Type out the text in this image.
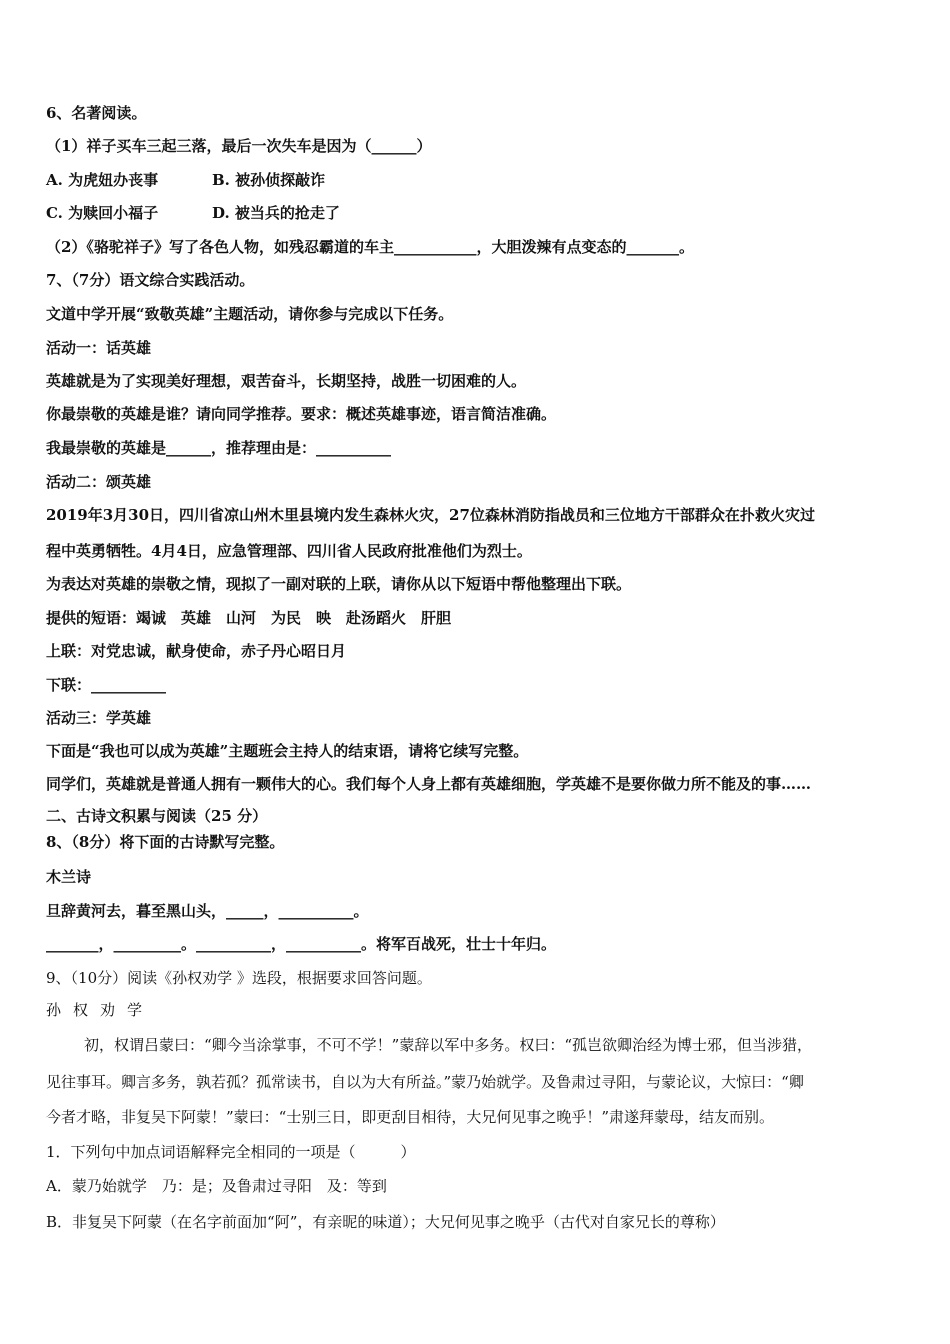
6、名著阅读。
（1）祥子买车三起三落，最后一次失车是因为（______）
A. 为虎妞办丧事	B. 被孙侦探敲诈
C. 为赎回小福子	D. 被当兵的抢走了
（2）《骆驼祥子》写了各色人物，如残忍霸道的车主___________，大胆泼辣有点变态的_______。
7、（7分）语文综合实践活动。
文道中学开展“致敬英雄”主题活动，请你参与完成以下任务。
活动一：话英雄
英雄就是为了实现美好理想，艰苦奋斗，长期坚持，战胜一切困难的人。
你最崇敬的英雄是谁？请向同学推荐。要求：概述英雄事迹，语言简洁准确。
我最崇敬的英雄是______，推荐理由是：__________
活动二：颂英雄
2019年3月30日，四川省凉山州木里县境内发生森林火灾，27位森林消防指战员和三位地方干部群众在扑救火灾过
程中英勇牺牲。4月4日，应急管理部、四川省人民政府批准他们为烈士。
为表达对英雄的崇敬之情，现拟了一副对联的上联，请你从以下短语中帮他整理出下联。
提供的短语：竭诚　英雄　山河　为民　映　赴汤蹈火　肝胆
上联：对党忠诚，献身使命，赤子丹心昭日月
下联：__________
活动三：学英雄
下面是“我也可以成为英雄”主题班会主持人的结束语，请将它续写完整。
同学们，英雄就是普通人拥有一颗伟大的心。我们每个人身上都有英雄细胞，学英雄不是要你做力所不能及的事……
二、古诗文积累与阅读（25 分）
8、（8分）将下面的古诗默写完整。
木兰诗
旦辞黄河去，暮至黑山头，_____，__________。
_______，_________。__________，__________。将军百战死，壮士十年归。
9、（10分）阅读《孙权劝学 》选段，根据要求回答问题。
孙权劝学
初，权谓吕蒙曰：“卿今当涂掌事，不可不学！”蒙辞以军中多务。权曰：“孤岂欲卿治经为博士邪，但当涉猎，
见往事耳。卿言多务，孰若孤？孤常读书，自以为大有所益。”蒙乃始就学。及鲁肃过寻阳，与蒙论议，大惊曰：“卿
今者才略，非复吴下阿蒙！”蒙曰：“士别三日，即更刮目相待，大兄何见事之晚乎！”肃遂拜蒙母，结友而别。
1．下列句中加点词语解释完全相同的一项是（　　　）
A．蒙乃始就学　乃：是；及鲁肃过寻阳　及：等到
B．非复吴下阿蒙（在名字前面加“阿”，有亲昵的味道）；大兄何见事之晚乎（古代对自家兄长的尊称）
